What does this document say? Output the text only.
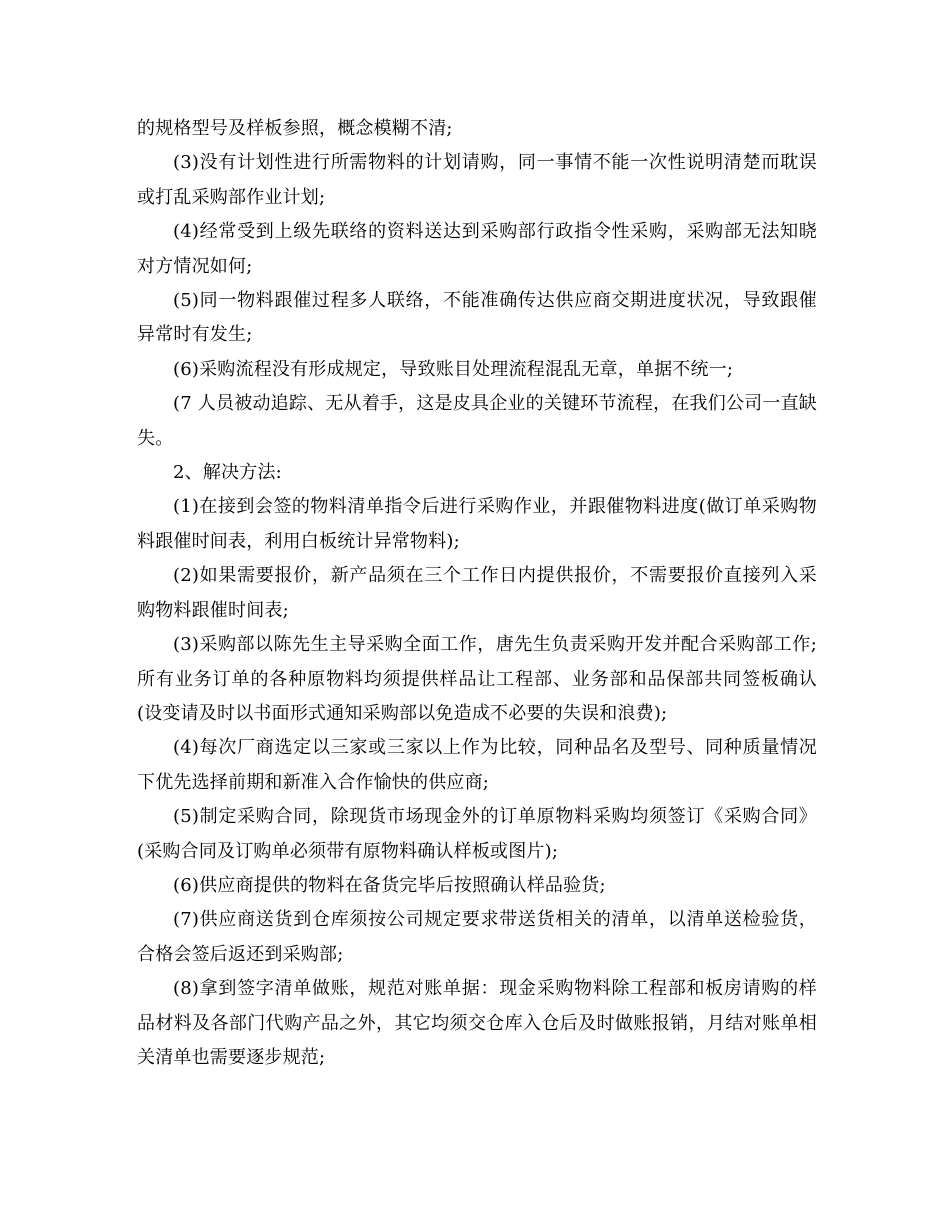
的规格型号及样板参照，概念模糊不清;

(3)没有计划性进行所需物料的计划请购，同一事情不能一次性说明清楚而耽误或打乱采购部作业计划;

(4)经常受到上级先联络的资料送达到采购部行政指令性采购，采购部无法知晓对方情况如何;

(5)同一物料跟催过程多人联络，不能准确传达供应商交期进度状况，导致跟催异常时有发生;

(6)采购流程没有形成规定，导致账目处理流程混乱无章，单据不统一;

(7 人员被动追踪、无从着手，这是皮具企业的关键环节流程，在我们公司一直缺失。

2、解决方法:

(1)在接到会签的物料清单指令后进行采购作业，并跟催物料进度(做订单采购物料跟催时间表，利用白板统计异常物料);

(2)如果需要报价，新产品须在三个工作日内提供报价，不需要报价直接列入采购物料跟催时间表;

(3)采购部以陈先生主导采购全面工作，唐先生负责采购开发并配合采购部工作;所有业务订单的各种原物料均须提供样品让工程部、业务部和品保部共同签板确认(设变请及时以书面形式通知采购部以免造成不必要的失误和浪费);

(4)每次厂商选定以三家或三家以上作为比较，同种品名及型号、同种质量情况下优先选择前期和新准入合作愉快的供应商;

(5)制定采购合同，除现货市场现金外的订单原物料采购均须签订《采购合同》(采购合同及订购单必须带有原物料确认样板或图片);

(6)供应商提供的物料在备货完毕后按照确认样品验货;

(7)供应商送货到仓库须按公司规定要求带送货相关的清单，以清单送检验货，合格会签后返还到采购部;

(8)拿到签字清单做账，规范对账单据：现金采购物料除工程部和板房请购的样品材料及各部门代购产品之外，其它均须交仓库入仓后及时做账报销，月结对账单相关清单也需要逐步规范;
